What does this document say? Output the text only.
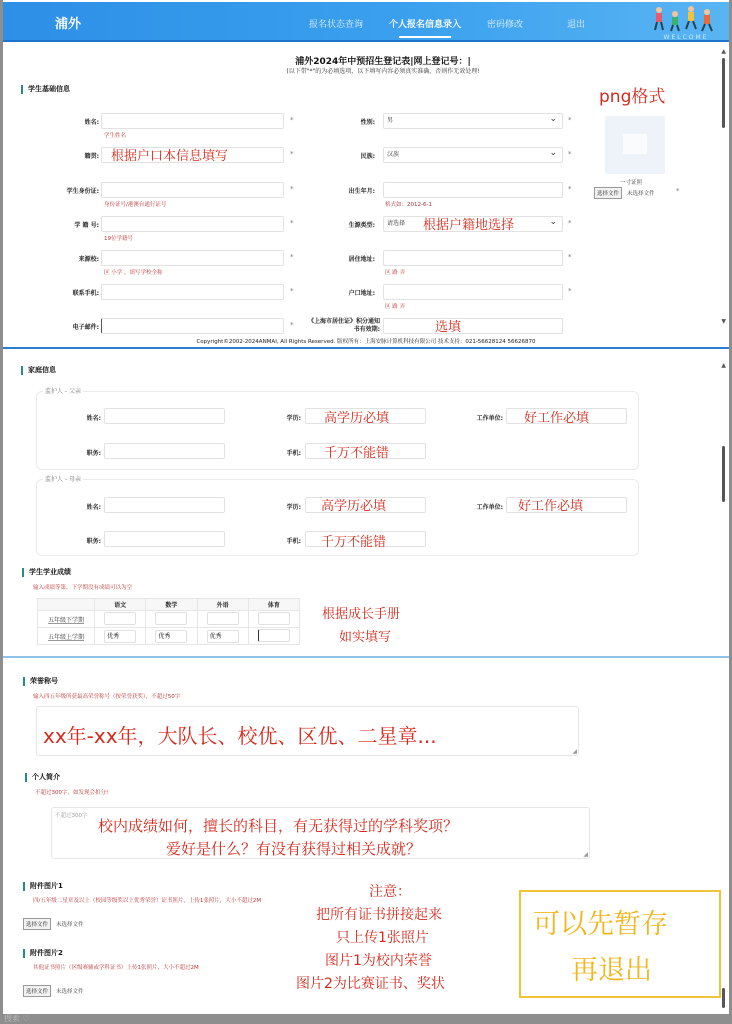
浦外	报名状态查询	个人报名信息录入	密码修改	退出
WELCOME
▲
▼
浦外2024年中预招生登记表|网上登记号：|
(以下带"*"的为必填选项，以下填写内容必须真实准确，否则作无效处理!
学生基础信息
姓名:	*
学生姓名
籍贯:	*
学生身份证:	*
身份证号/港澳台通行证号
学 籍 号:	*
19位学籍号
来源校:	*
区 小学 ，填写学校全称
联系手机:	*
电子邮件:	*
性别:	男 ⌄	*
民族:	汉族 ⌄	*
出生年月:	*
格式如：2012-6-1
生源类型:	请选择 ⌄	*
居住地址:	*
区 路 弄
户口地址:	*
区 路 弄
《上海市居住证》积分通知书有效期:
一寸证照
选择文件	未选择文件	*
Copyright©2002-2024ANMAI, All Rights Reserved. 版权所有：上海安脉计算机科技有限公司 技术支持：021-56628124 56626870
png格式
根据户口本信息填写
根据户籍地选择
选填
▲
家庭信息
监护人 - 父亲
姓名:	学历:	工作单位:
职务:	手机:
监护人 - 母亲
姓名:	学历:	工作单位:
职务:	手机:
高学历必填	好工作必填
千万不能错
高学历必填	好工作必填
千万不能错
学生学业成绩
输入成绩等第，下学期没有成绩可以为空
	语文	数学	外语	体育
五年级下学期				
五年级上学期	优秀	优秀	优秀	
根据成长手册
如实填写
荣誉称号
输入四五年级所获最高荣誉称号（按荣誉获奖），不超过50字
◢
xx年-xx年，大队长、校优、区优、二星章...
个人简介
不超过300字，如发现会扣分!
不超过300字
◢
校内成绩如何，擅长的科目，有无获得过的学科奖项？
爱好是什么？有没有获得过相关成就？
附件图片1
四/五年级二星章及以上（校园等级奖以上优秀荣誉）证书照片，上传1张照片，大小不超过2M
选择文件	未选择文件
附件图片2
其他证书照片（区级赛辅或学科证书）上传1张照片，大小不超过2M
选择文件	未选择文件
注意：
把所有证书拼接起来
只上传1张照片
图片1为校内荣誉
图片2为比赛证书、奖状
可以先暂存
再退出
搜索 ♡
